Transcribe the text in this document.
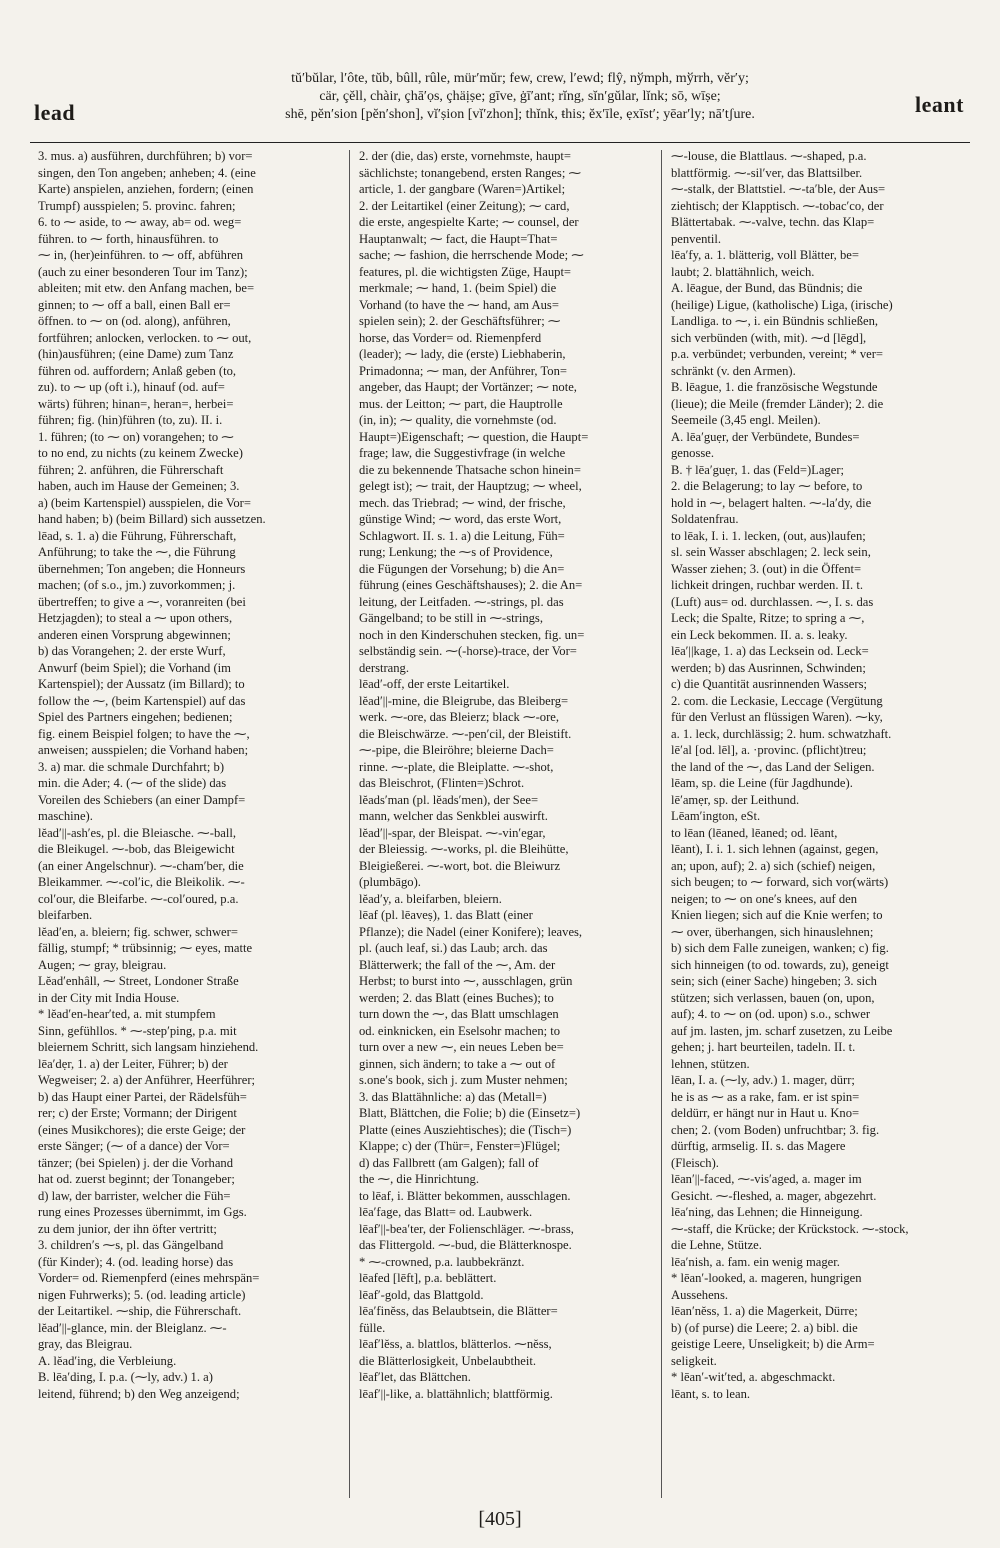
lead
tŭ′bŭlar, l′ôte, tŭb, bûll, rûle, mür′mŭr; few, crew, l′ewd; flŷ, nўmph, mўrrh, vĕr′y;
cär, çĕll, chàir, çhā′ọs, çhäịṣe; gīve, ġī′ant; rĭng, sĭn′gŭlar, lĭnk; sō, wīṣe;
shē, pĕn′sion [pĕn′shon], vĭ′ṣion [vĭ′zhon]; thĭnk, ŧhis; ĕx′īle, ẹxīst′; yēar′ly; nā′tʃure.	leant
3. mus. a) ausführen, durchführen; b) vor=
singen, den Ton angeben; anheben; 4. (eine
Karte) anspielen, anziehen, fordern; (einen
Trumpf) ausspielen; 5. provinc. fahren;
6. to ⁓ aside, to ⁓ away, ab= od. weg=
führen. to ⁓ forth, hinausführen. to
⁓ in, (her)einführen. to ⁓ off, abführen
(auch zu einer besonderen Tour im Tanz);
ableiten; mit etw. den Anfang machen, be=
ginnen; to ⁓ off a ball, einen Ball er=
öffnen. to ⁓ on (od. along), anführen,
fortführen; anlocken, verlocken. to ⁓ out,
(hin)ausführen; (eine Dame) zum Tanz
führen od. auffordern; Anlaß geben (to,
zu). to ⁓ up (oft i.), hinauf (od. auf=
wärts) führen; hinan=, heran=, herbei=
führen; fig. (hin)führen (to, zu). II. i.
1. führen; (to ⁓ on) vorangehen; to ⁓
to no end, zu nichts (zu keinem Zwecke)
führen; 2. anführen, die Führerschaft
haben, auch im Hause der Gemeinen; 3.
a) (beim Kartenspiel) ausspielen, die Vor=
hand haben; b) (beim Billard) sich aussetzen.
lēad, s. 1. a) die Führung, Führerschaft,
Anführung; to take the ⁓, die Führung
übernehmen; Ton angeben; die Honneurs
machen; (of s.o., jm.) zuvorkommen; j.
übertreffen; to give a ⁓, voranreiten (bei
Hetzjagden); to steal a ⁓ upon others,
anderen einen Vorsprung abgewinnen;
b) das Vorangehen; 2. der erste Wurf,
Anwurf (beim Spiel); die Vorhand (im
Kartenspiel); der Aussatz (im Billard); to
follow the ⁓, (beim Kartenspiel) auf das
Spiel des Partners eingehen; bedienen;
fig. einem Beispiel folgen; to have the ⁓,
anweisen; ausspielen; die Vorhand haben;
3. a) mar. die schmale Durchfahrt; b)
min. die Ader; 4. (⁓ of the slide) das
Voreilen des Schiebers (an einer Dampf=
maschine).
lĕad′||-ash′es, pl. die Bleiasche. ⁓-ball,
die Bleikugel. ⁓-bob, das Bleigewicht
(an einer Angelschnur). ⁓-cham′ber, die
Bleikammer. ⁓-col′ic, die Bleikolik. ⁓-
col′our, die Bleifarbe. ⁓-col′oured, p.a.
bleifarben.
lĕad′en, a. bleiern; fig. schwer, schwer=
fällig, stumpf; * trübsinnig; ⁓ eyes, matte
Augen; ⁓ gray, bleigrau.
Lĕad′enhâll, ⁓ Street, Londoner Straße
in der City mit India House.
* lĕad′en-hear′ted, a. mit stumpfem
Sinn, gefühllos. * ⁓-step′ping, p.a. mit
bleiernem Schritt, sich langsam hinziehend.
lēa′dẹr, 1. a) der Leiter, Führer; b) der
Wegweiser; 2. a) der Anführer, Heerführer;
b) das Haupt einer Partei, der Rädelsfüh=
rer; c) der Erste; Vormann; der Dirigent
(eines Musikchores); die erste Geige; der
erste Sänger; (⁓ of a dance) der Vor=
tänzer; (bei Spielen) j. der die Vorhand
hat od. zuerst beginnt; der Tonangeber;
d) law, der barrister, welcher die Füh=
rung eines Prozesses übernimmt, im Ggs.
zu dem junior, der ihn öfter vertritt;
3. children′s ⁓s, pl. das Gängelband
(für Kinder); 4. (od. leading horse) das
Vorder= od. Riemenpferd (eines mehrspän=
nigen Fuhrwerks); 5. (od. leading article)
der Leitartikel. ⁓ship, die Führerschaft.
lĕad′||-glance, min. der Bleiglanz. ⁓-
gray, das Bleigrau.
A. lĕad′ing, die Verbleiung.
B. lēa′ding, I. p.a. (⁓ly, adv.) 1. a)
leitend, führend; b) den Weg anzeigend;
2. der (die, das) erste, vornehmste, haupt=
sächlichste; tonangebend, ersten Ranges; ⁓
article, 1. der gangbare (Waren=)Artikel;
2. der Leitartikel (einer Zeitung); ⁓ card,
die erste, angespielte Karte; ⁓ counsel, der
Hauptanwalt; ⁓ fact, die Haupt=That=
sache; ⁓ fashion, die herrschende Mode; ⁓
features, pl. die wichtigsten Züge, Haupt=
merkmale; ⁓ hand, 1. (beim Spiel) die
Vorhand (to have the ⁓ hand, am Aus=
spielen sein); 2. der Geschäftsführer; ⁓
horse, das Vorder= od. Riemenpferd
(leader); ⁓ lady, die (erste) Liebhaberin,
Primadonna; ⁓ man, der Anführer, Ton=
angeber, das Haupt; der Vortänzer; ⁓ note,
mus. der Leitton; ⁓ part, die Hauptrolle
(in, in); ⁓ quality, die vornehmste (od.
Haupt=)Eigenschaft; ⁓ question, die Haupt=
frage; law, die Suggestivfrage (in welche
die zu bekennende Thatsache schon hinein=
gelegt ist); ⁓ trait, der Hauptzug; ⁓ wheel,
mech. das Triebrad; ⁓ wind, der frische,
günstige Wind; ⁓ word, das erste Wort,
Schlagwort. II. s. 1. a) die Leitung, Füh=
rung; Lenkung; the ⁓s of Providence,
die Fügungen der Vorsehung; b) die An=
führung (eines Geschäftshauses); 2. die An=
leitung, der Leitfaden. ⁓-strings, pl. das
Gängelband; to be still in ⁓-strings,
noch in den Kinderschuhen stecken, fig. un=
selbständig sein. ⁓(-horse)-trace, der Vor=
derstrang.
lēad′-off, der erste Leitartikel.
lĕad′||-mine, die Bleigrube, das Bleiberg=
werk. ⁓-ore, das Bleierz; black ⁓-ore,
die Bleischwärze. ⁓-pen′cil, der Bleistift.
⁓-pipe, die Bleiröhre; bleierne Dach=
rinne. ⁓-plate, die Bleiplatte. ⁓-shot,
das Bleischrot, (Flinten=)Schrot.
lĕads′man (pl. lĕads′men), der See=
mann, welcher das Senkblei auswirft.
lĕad′||-spar, der Bleispat. ⁓-vin′egar,
der Bleiessig. ⁓-works, pl. die Bleihütte,
Bleigießerei. ⁓-wort, bot. die Bleiwurz
(plumbāgo).
lĕad′y, a. bleifarben, bleiern.
lēaf (pl. lēaveṣ), 1. das Blatt (einer
Pflanze); die Nadel (einer Konifere); leaves,
pl. (auch leaf, si.) das Laub; arch. das
Blätterwerk; the fall of the ⁓, Am. der
Herbst; to burst into ⁓, ausschlagen, grün
werden; 2. das Blatt (eines Buches); to
turn down the ⁓, das Blatt umschlagen
od. einknicken, ein Eselsohr machen; to
turn over a new ⁓, ein neues Leben be=
ginnen, sich ändern; to take a ⁓ out of
s.one′s book, sich j. zum Muster nehmen;
3. das Blattähnliche: a) das (Metall=)
Blatt, Blättchen, die Folie; b) die (Einsetz=)
Platte (eines Ausziehtisches); die (Tisch=)
Klappe; c) der (Thür=, Fenster=)Flügel;
d) das Fallbrett (am Galgen); fall of
the ⁓, die Hinrichtung.
to lēaf, i. Blätter bekommen, ausschlagen.
lēa′fage, das Blatt= od. Laubwerk.
lēaf′||-bea′ter, der Folienschläger. ⁓-brass,
das Flittergold. ⁓-bud, die Blätterknospe.
* ⁓-crowned, p.a. laubbekränzt.
lēafed [lēft], p.a. beblättert.
lēaf′-gold, das Blattgold.
lēa′finĕss, das Belaubtsein, die Blätter=
fülle.
lēaf′lĕss, a. blattlos, blätterlos. ⁓nĕss,
die Blätterlosigkeit, Unbelaubtheit.
lēaf′let, das Blättchen.
lēaf′||-like, a. blattähnlich; blattförmig.
⁓-louse, die Blattlaus. ⁓-shaped, p.a.
blattförmig. ⁓-sil′ver, das Blattsilber.
⁓-stalk, der Blattstiel. ⁓-ta′ble, der Aus=
ziehtisch; der Klapptisch. ⁓-tobac′co, der
Blättertabak. ⁓-valve, techn. das Klap=
penventil.
lēa′fy, a. 1. blätterig, voll Blätter, be=
laubt; 2. blattähnlich, weich.
A. lēague, der Bund, das Bündnis; die
(heilige) Ligue, (katholische) Liga, (irische)
Landliga. to ⁓, i. ein Bündnis schließen,
sich verbünden (with, mit). ⁓d [lēgd],
p.a. verbündet; verbunden, vereint; * ver=
schränkt (v. den Armen).
B. lēague, 1. die französische Wegstunde
(lieue); die Meile (fremder Länder); 2. die
Seemeile (3,45 engl. Meilen).
A. lēa′guẹr, der Verbündete, Bundes=
genosse.
B. † lēa′guẹr, 1. das (Feld=)Lager;
2. die Belagerung; to lay ⁓ before, to
hold in ⁓, belagert halten. ⁓-la′dy, die
Soldatenfrau.
to lēak, I. i. 1. lecken, (out, aus)laufen;
sl. sein Wasser abschlagen; 2. leck sein,
Wasser ziehen; 3. (out) in die Öffent=
lichkeit dringen, ruchbar werden. II. t.
(Luft) aus= od. durchlassen. ⁓, I. s. das
Leck; die Spalte, Ritze; to spring a ⁓,
ein Leck bekommen. II. a. s. leaky.
lēa′||kage, 1. a) das Lecksein od. Leck=
werden; b) das Ausrinnen, Schwinden;
c) die Quantität ausrinnenden Wassers;
2. com. die Leckasie, Leccage (Vergütung
für den Verlust an flüssigen Waren). ⁓ky,
a. 1. leck, durchlässig; 2. hum. schwatzhaft.
lē′al [od. lēl], a. ·provinc. (pflicht)treu;
the land of the ⁓, das Land der Seligen.
lēam, sp. die Leine (für Jagdhunde).
lē′amẹr, sp. der Leithund.
Lēam′ington, eSt.
to lēan (lēaned, lēaned; od. lēant,
lēant), I. i. 1. sich lehnen (against, gegen,
an; upon, auf); 2. a) sich (schief) neigen,
sich beugen; to ⁓ forward, sich vor(wärts)
neigen; to ⁓ on one′s knees, auf den
Knien liegen; sich auf die Knie werfen; to
⁓ over, überhangen, sich hinauslehnen;
b) sich dem Falle zuneigen, wanken; c) fig.
sich hinneigen (to od. towards, zu), geneigt
sein; sich (einer Sache) hingeben; 3. sich
stützen; sich verlassen, bauen (on, upon,
auf); 4. to ⁓ on (od. upon) s.o., schwer
auf jm. lasten, jm. scharf zusetzen, zu Leibe
gehen; j. hart beurteilen, tadeln. II. t.
lehnen, stützen.
lēan, I. a. (⁓ly, adv.) 1. mager, dürr;
he is as ⁓ as a rake, fam. er ist spin=
deldürr, er hängt nur in Haut u. Kno=
chen; 2. (vom Boden) unfruchtbar; 3. fig.
dürftig, armselig. II. s. das Magere
(Fleisch).
lēan′||-faced, ⁓-vis′aged, a. mager im
Gesicht. ⁓-fleshed, a. mager, abgezehrt.
lēa′ning, das Lehnen; die Hinneigung.
⁓-staff, die Krücke; der Krückstock. ⁓-stock,
die Lehne, Stütze.
lēa′nish, a. fam. ein wenig mager.
* lēan′-looked, a. mageren, hungrigen
Aussehens.
lēan′nĕss, 1. a) die Magerkeit, Dürre;
b) (of purse) die Leere; 2. a) bibl. die
geistige Leere, Unseligkeit; b) die Arm=
seligkeit.
* lēan′-wit′ted, a. abgeschmackt.
lēant, s. to lean.
[405]
